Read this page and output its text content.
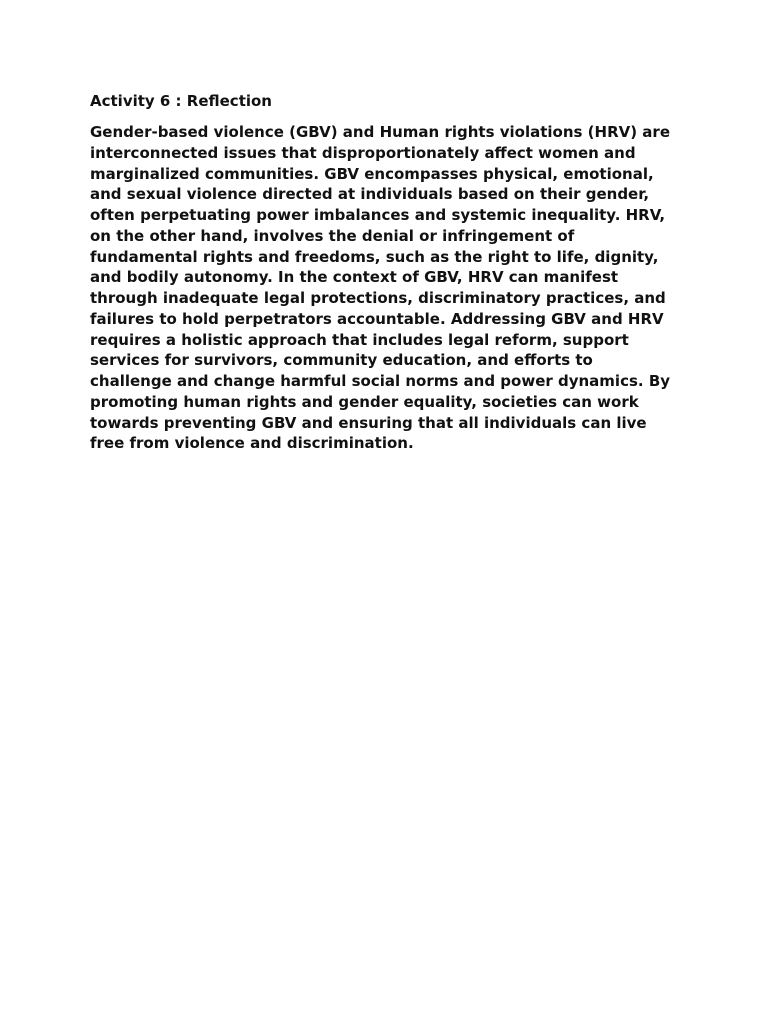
Activity 6 : Reflection

Gender-based violence (GBV) and Human rights violations (HRV) are
interconnected issues that disproportionately affect women and
marginalized communities. GBV encompasses physical, emotional,
and sexual violence directed at individuals based on their gender,
often perpetuating power imbalances and systemic inequality. HRV,
on the other hand, involves the denial or infringement of
fundamental rights and freedoms, such as the right to life, dignity,
and bodily autonomy. In the context of GBV, HRV can manifest
through inadequate legal protections, discriminatory practices, and
failures to hold perpetrators accountable. Addressing GBV and HRV
requires a holistic approach that includes legal reform, support
services for survivors, community education, and efforts to
challenge and change harmful social norms and power dynamics. By
promoting human rights and gender equality, societies can work
towards preventing GBV and ensuring that all individuals can live
free from violence and discrimination.
